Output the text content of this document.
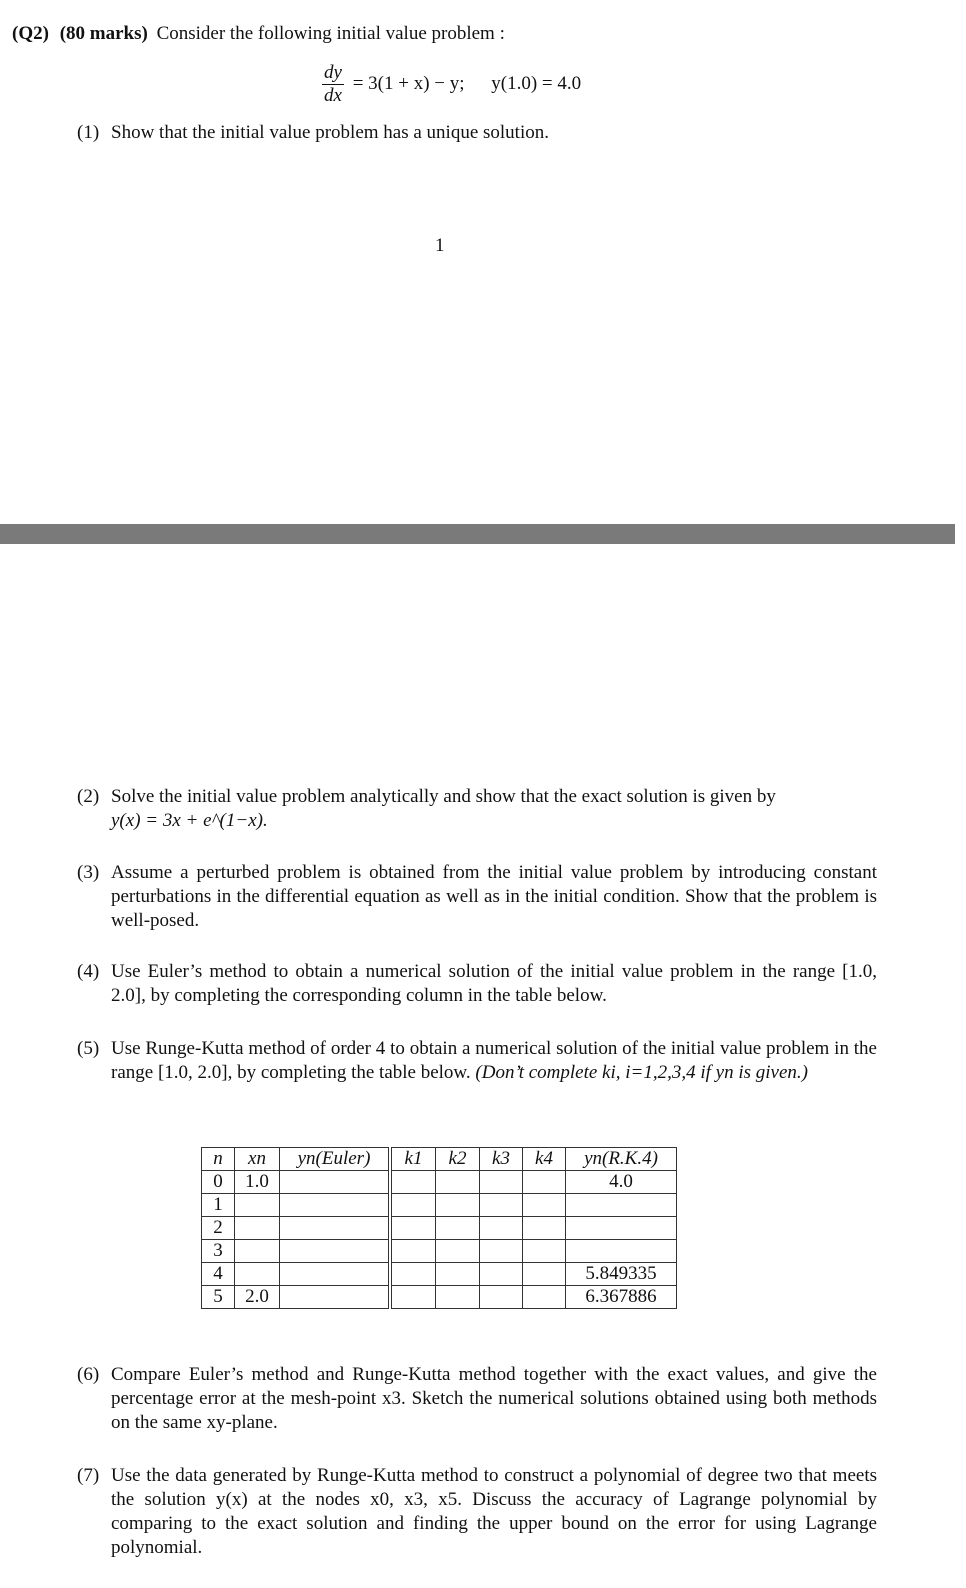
(Q2) (80 marks) Consider the following initial value problem :
$\frac{dy}{dx} = 3(1 + x) - y$; y(1.0) = 4.0
(1) Show that the initial value problem has a unique solution.
1
(2) Solve the initial value problem analytically and show that the exact solution is given by
y(x) = 3x + e^(1−x).
(3) Assume a perturbed problem is obtained from the initial value problem by introducing constant perturbations in the differential equation as well as in the initial condition. Show that the problem is well-posed.
(4) Use Euler’s method to obtain a numerical solution of the initial value problem in the range [1.0, 2.0], by completing the corresponding column in the table below.
(5) Use Runge-Kutta method of order 4 to obtain a numerical solution of the initial value problem in the range [1.0, 2.0], by completing the table below. (Don’t complete ki, i=1,2,3,4 if yn is given.)
n	xn	yn(Euler)	k1	k2	k3	k4	yn(R.K.4)
0	1.0						4.0
1							
2							
3							
4							5.849335
5	2.0						6.367886
(6) Compare Euler’s method and Runge-Kutta method together with the exact values, and give the percentage error at the mesh-point x3. Sketch the numerical solutions obtained using both methods on the same xy-plane.
(7) Use the data generated by Runge-Kutta method to construct a polynomial of degree two that meets the solution y(x) at the nodes x0, x3, x5. Discuss the accuracy of Lagrange polynomial by comparing to the exact solution and finding the upper bound on the error for using Lagrange polynomial.
